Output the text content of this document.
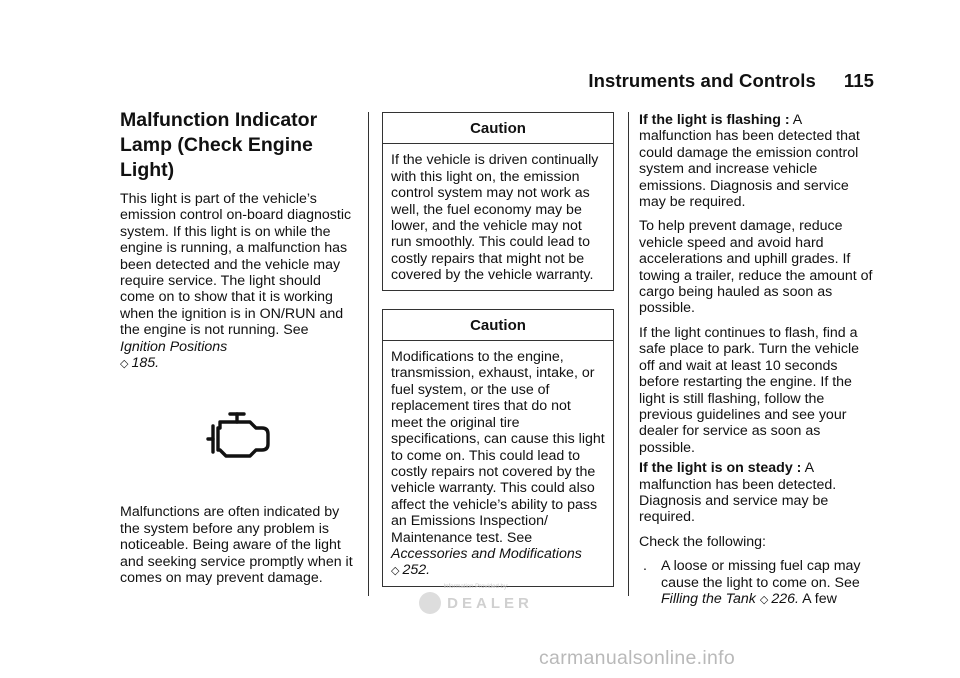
Instruments and Controls 115
Malfunction Indicator Lamp (Check Engine Light)

This light is part of the vehicle’s emission control on-board diagnostic system. If this light is on while the engine is running, a malfunction has been detected and the vehicle may require service. The light should come on to show that it is working when the ignition is in ON/RUN and the engine is not running. See Ignition Positions
◇ 185.

Malfunctions are often indicated by the system before any problem is noticeable. Being aware of the light and seeking service promptly when it comes on may prevent damage.

Caution
If the vehicle is driven continually with this light on, the emission control system may not work as well, the fuel economy may be lower, and the vehicle may not run smoothly. This could lead to costly repairs that might not be covered by the vehicle warranty.
Caution
Modifications to the engine, transmission, exhaust, intake, or fuel system, or the use of replacement tires that do not meet the original tire specifications, can cause this light to come on. This could lead to costly repairs not covered by the vehicle warranty. This could also affect the vehicle’s ability to pass an Emissions Inspection/ Maintenance test. See
Accessories and Modifications
◇ 252.

If the light is flashing : A malfunction has been detected that could damage the emission control system and increase vehicle emissions. Diagnosis and service may be required.

To help prevent damage, reduce vehicle speed and avoid hard accelerations and uphill grades. If towing a trailer, reduce the amount of cargo being hauled as soon as possible.

If the light continues to flash, find a safe place to park. Turn the vehicle off and wait at least 10 seconds before restarting the engine. If the light is still flashing, follow the previous guidelines and see your dealer for service as soon as possible.

If the light is on steady : A malfunction has been detected. Diagnosis and service may be required.

Check the following:

. A loose or missing fuel cap may cause the light to come on. See
Filling the Tank ◇ 226. A few
Information Provided by:
DEALER
carmanualsonline.info
